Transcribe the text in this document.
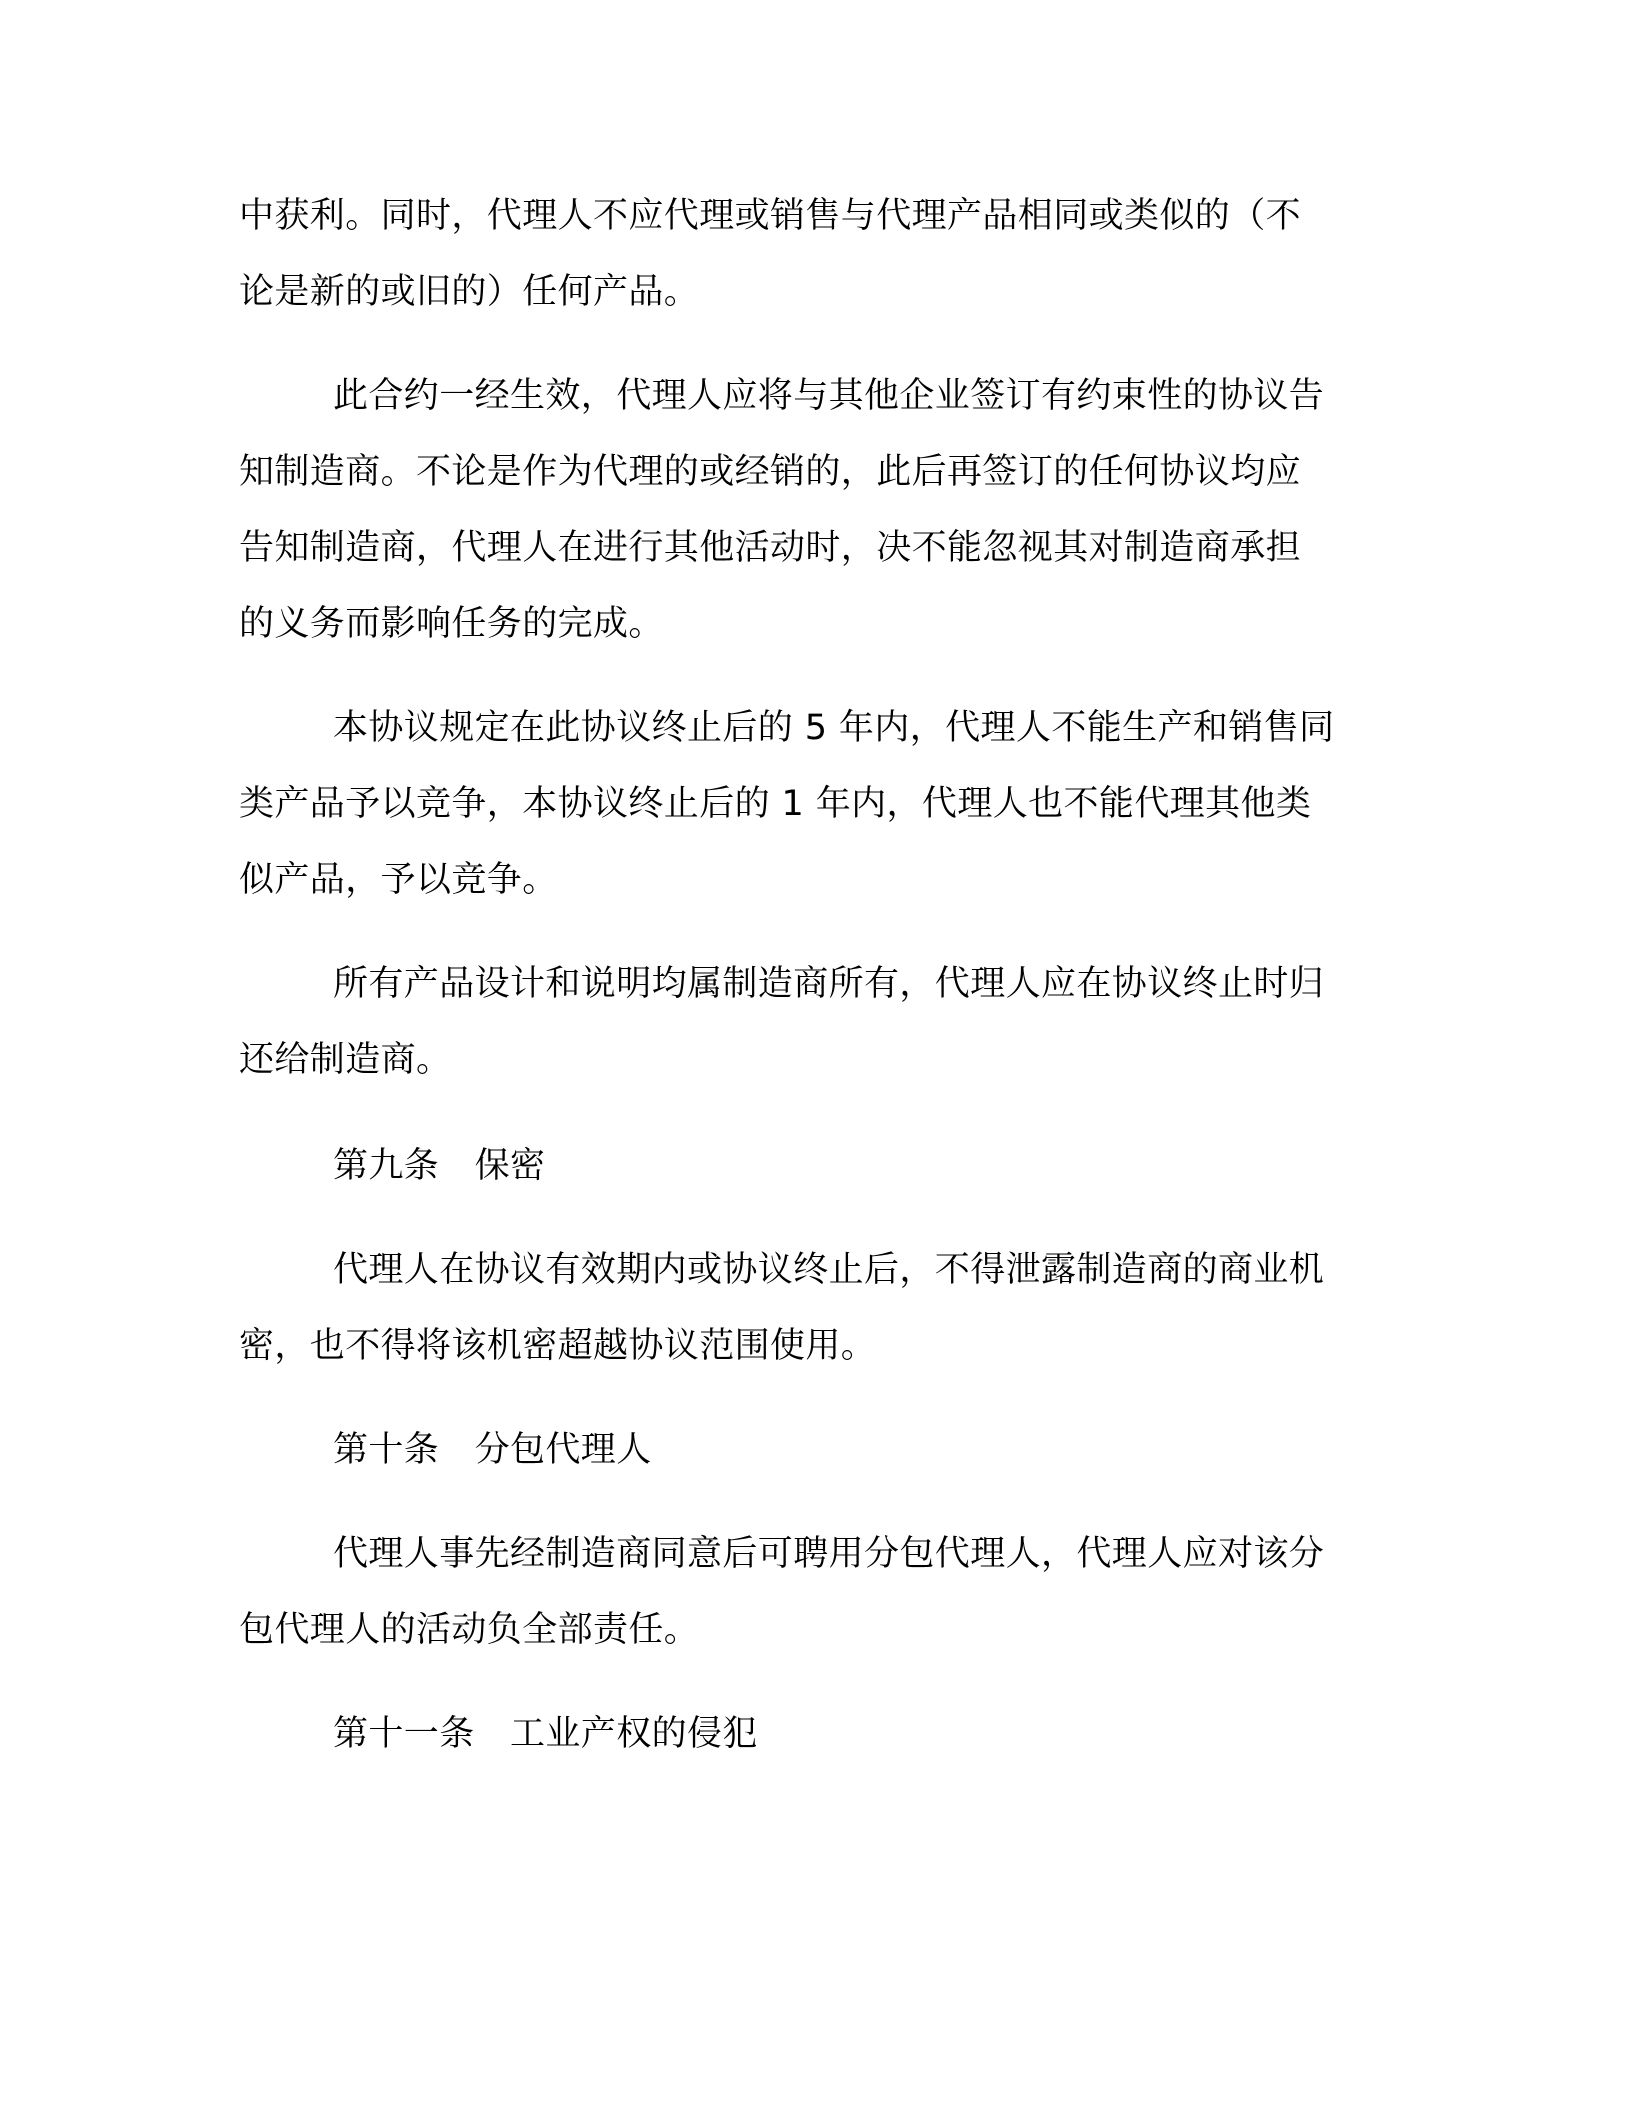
中获利。同时，代理人不应代理或销售与代理产品相同或类似的（不
论是新的或旧的）任何产品。
此合约一经生效，代理人应将与其他企业签订有约束性的协议告
知制造商。不论是作为代理的或经销的，此后再签订的任何协议均应
告知制造商，代理人在进行其他活动时，决不能忽视其对制造商承担
的义务而影响任务的完成。
本协议规定在此协议终止后的 5 年内，代理人不能生产和销售同
类产品予以竞争，本协议终止后的 1 年内，代理人也不能代理其他类
似产品，予以竞争。
所有产品设计和说明均属制造商所有，代理人应在协议终止时归
还给制造商。
第九条　保密
代理人在协议有效期内或协议终止后，不得泄露制造商的商业机
密，也不得将该机密超越协议范围使用。
第十条　分包代理人
代理人事先经制造商同意后可聘用分包代理人，代理人应对该分
包代理人的活动负全部责任。
第十一条　工业产权的侵犯
